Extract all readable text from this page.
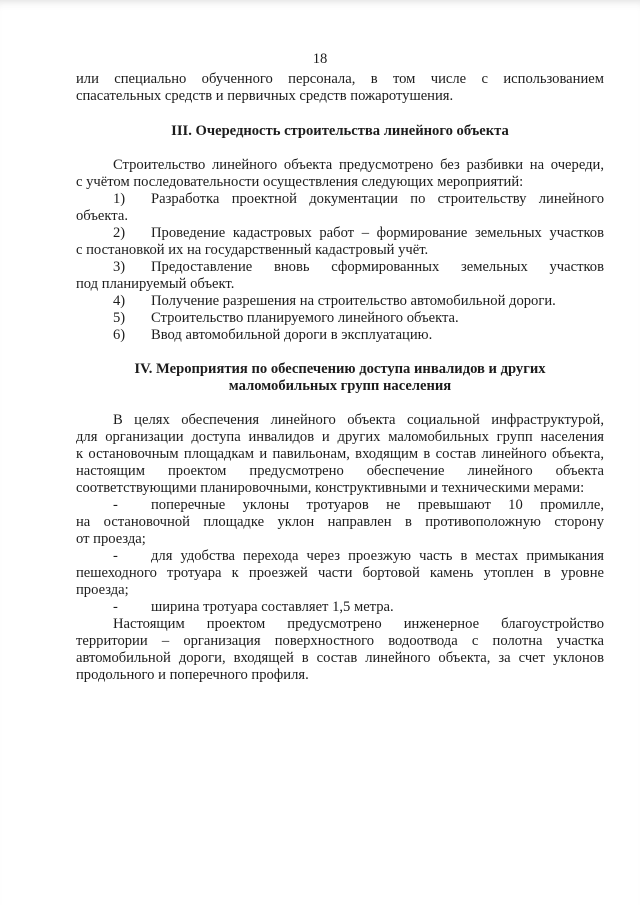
18

или специально обученного персонала, в том числе с использованием
спасательных средств и первичных средств пожаротушения.

III. Очередность строительства линейного объекта

Строительство линейного объекта предусмотрено без разбивки на очереди,
с учётом последовательности осуществления следующих мероприятий:

1) Разработка проектной документации по строительству линейного
объекта.
2) Проведение кадастровых работ – формирование земельных участков
с постановкой их на государственный кадастровый учёт.
3) Предоставление вновь сформированных земельных участков
под планируемый объект.
4)	Получение разрешения на строительство автомобильной дороги.
5)	Строительство планируемого линейного объекта.
6)	Ввод автомобильной дороги в эксплуатацию.
IV. Мероприятия по обеспечению доступа инвалидов и других
маломобильных групп населения

В целях обеспечения линейного объекта социальной инфраструктурой,
для организации доступа инвалидов и других маломобильных групп населения
к остановочным площадкам и павильонам, входящим в состав линейного объекта,
настоящим проектом предусмотрено обеспечение линейного объекта
соответствующими планировочными, конструктивными и техническими мерами:

- поперечные уклоны тротуаров не превышают 10 промилле,
на остановочной площадке уклон направлен в противоположную сторону
от проезда;
- для удобства перехода через проезжую часть в местах примыкания
пешеходного тротуара к проезжей части бортовой камень утоплен в уровне
проезда;
-	ширина тротуара составляет 1,5 метра.

Настоящим проектом предусмотрено инженерное благоустройство
территории – организация поверхностного водоотвода с полотна участка
автомобильной дороги, входящей в состав линейного объекта, за счет уклонов
продольного и поперечного профиля.
